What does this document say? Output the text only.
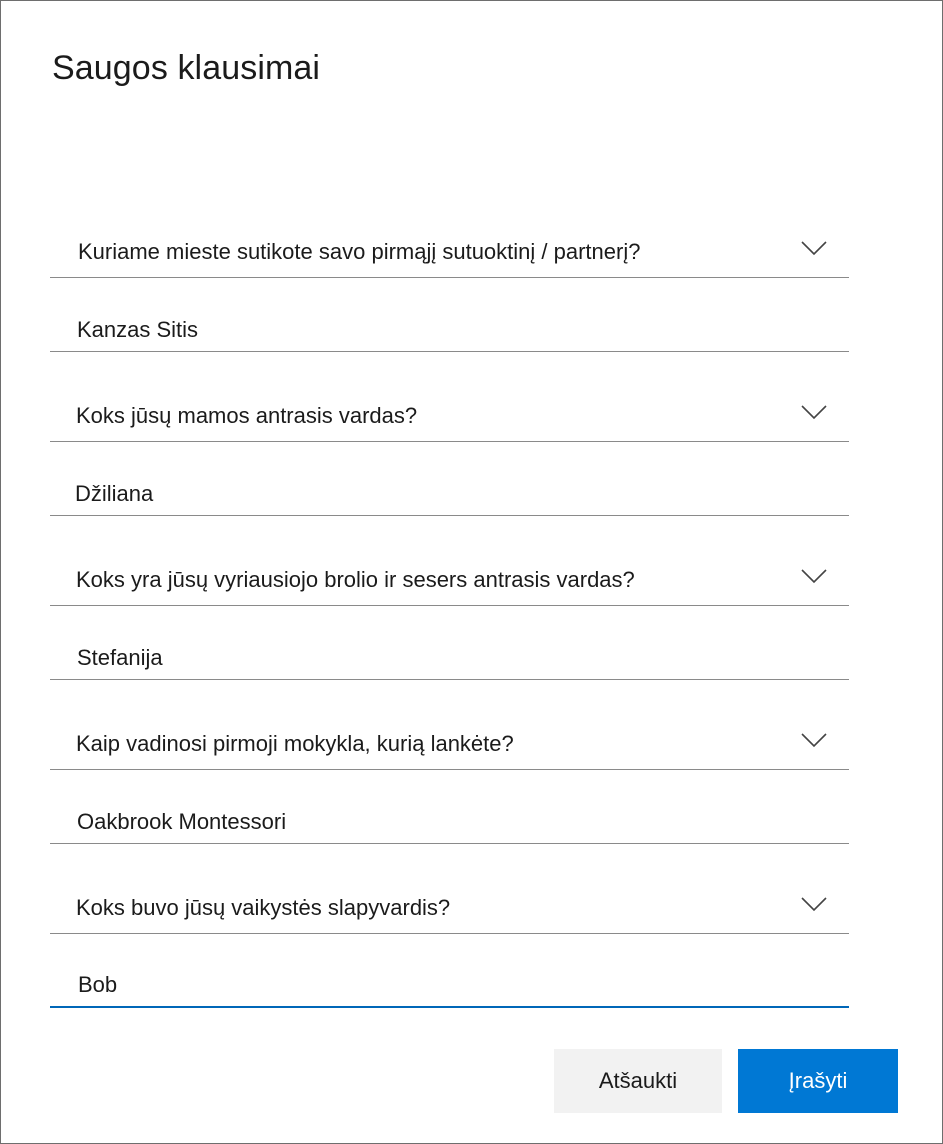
Saugos klausimai
Kuriame mieste sutikote savo pirmąjį sutuoktinį / partnerį?
Kanzas Sitis
Koks jūsų mamos antrasis vardas?
Džiliana
Koks yra jūsų vyriausiojo brolio ir sesers antrasis vardas?
Stefanija
Kaip vadinosi pirmoji mokykla, kurią lankėte?
Oakbrook Montessori
Koks buvo jūsų vaikystės slapyvardis?
Bob
Atšaukti	Įrašyti
